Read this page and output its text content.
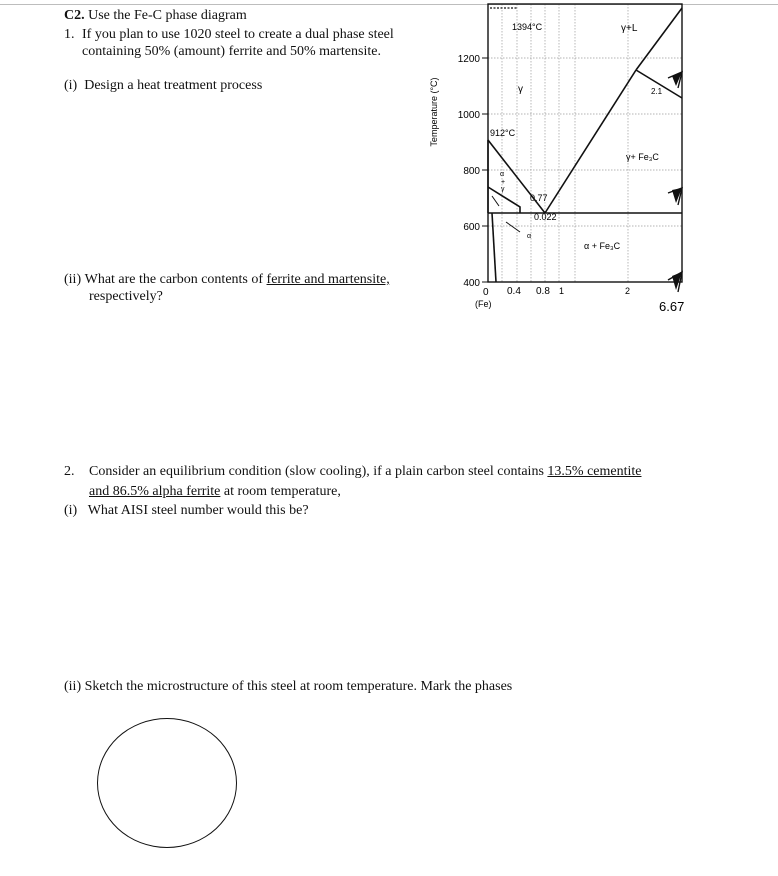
C2. Use the Fe-C phase diagram
1. If you plan to use 1020 steel to create a dual phase steel
containing 50% (amount) ferrite and 50% martensite.
(i) Design a heat treatment process
(ii) What are the carbon contents of ferrite and martensite,
respectively?
Temperature (°C)
1200
1000
800
600
400
0 0.4 0.8 1	2
(Fe)
1394°C
912°C
γ+L
2.1
γ
γ+ Fe₃C
α
+
γ
0.77
0.022
α
α + Fe₃C
6.67
2. Consider an equilibrium condition (slow cooling), if a plain carbon steel contains 13.5% cementite
and 86.5% alpha ferrite at room temperature,
(i) What AISI steel number would this be?
(ii) Sketch the microstructure of this steel at room temperature. Mark the phases
